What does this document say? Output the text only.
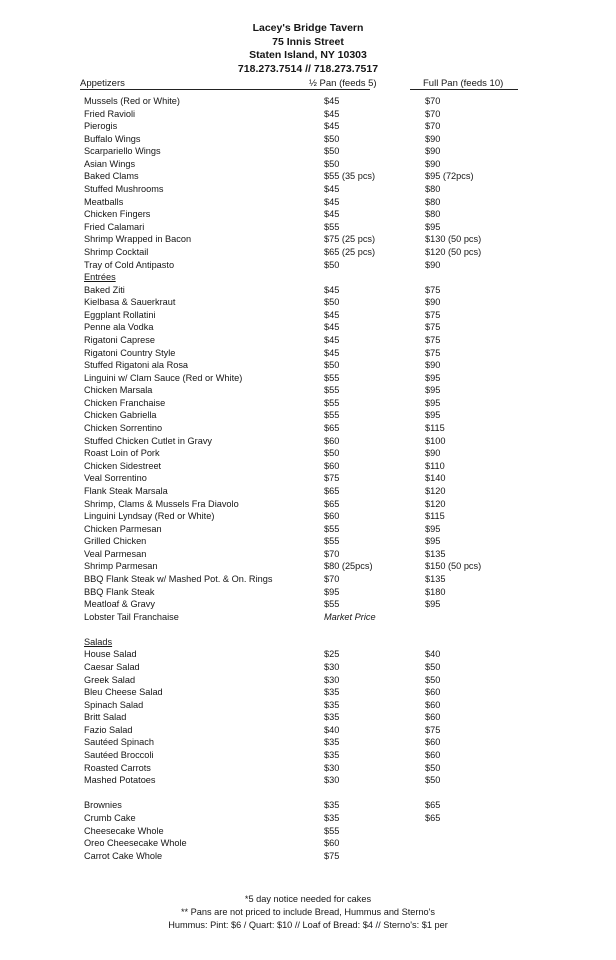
Lacey's Bridge Tavern
75 Innis Street
Staten Island, NY 10303
718.273.7514 // 718.273.7517
Appetizers	½ Pan (feeds 5)	Full Pan (feeds 10)
Mussels (Red or White)	$45	$70
Fried Ravioli	$45	$70
Pierogis	$45	$70
Buffalo Wings	$50	$90
Scarpariello Wings	$50	$90
Asian Wings	$50	$90
Baked Clams	$55 (35 pcs)	$95 (72pcs)
Stuffed Mushrooms	$45	$80
Meatballs	$45	$80
Chicken Fingers	$45	$80
Fried Calamari	$55	$95
Shrimp Wrapped in Bacon	$75 (25 pcs)	$130 (50 pcs)
Shrimp Cocktail	$65 (25 pcs)	$120 (50 pcs)
Tray of Cold Antipasto	$50	$90
Entrées
Baked Ziti	$45	$75
Kielbasa & Sauerkraut	$50	$90
Eggplant Rollatini	$45	$75
Penne ala Vodka	$45	$75
Rigatoni Caprese	$45	$75
Rigatoni Country Style	$45	$75
Stuffed Rigatoni ala Rosa	$50	$90
Linguini w/ Clam Sauce (Red or White)	$55	$95
Chicken Marsala	$55	$95
Chicken Franchaise	$55	$95
Chicken Gabriella	$55	$95
Chicken Sorrentino	$65	$115
Stuffed Chicken Cutlet in Gravy	$60	$100
Roast Loin of Pork	$50	$90
Chicken Sidestreet	$60	$110
Veal Sorrentino	$75	$140
Flank Steak Marsala	$65	$120
Shrimp, Clams & Mussels Fra Diavolo	$65	$120
Linguini Lyndsay (Red or White)	$60	$115
Chicken Parmesan	$55	$95
Grilled Chicken	$55	$95
Veal Parmesan	$70	$135
Shrimp Parmesan	$80 (25pcs)	$150 (50 pcs)
BBQ Flank Steak w/ Mashed Pot. & On. Rings	$70	$135
BBQ Flank Steak	$95	$180
Meatloaf & Gravy	$55	$95
Lobster Tail Franchaise	Market Price
Salads
House Salad	$25	$40
Caesar Salad	$30	$50
Greek Salad	$30	$50
Bleu Cheese Salad	$35	$60
Spinach Salad	$35	$60
Britt Salad	$35	$60
Fazio Salad	$40	$75
Sautéed Spinach	$35	$60
Sautéed Broccoli	$35	$60
Roasted Carrots	$30	$50
Mashed Potatoes	$30	$50
Brownies	$35	$65
Crumb Cake	$35	$65
Cheesecake Whole	$55
Oreo Cheesecake Whole	$60
Carrot Cake Whole	$75
*5 day notice needed for cakes
** Pans are not priced to include Bread, Hummus and Sterno's
Hummus: Pint: $6 / Quart: $10 // Loaf of Bread: $4 // Sterno's: $1 per
